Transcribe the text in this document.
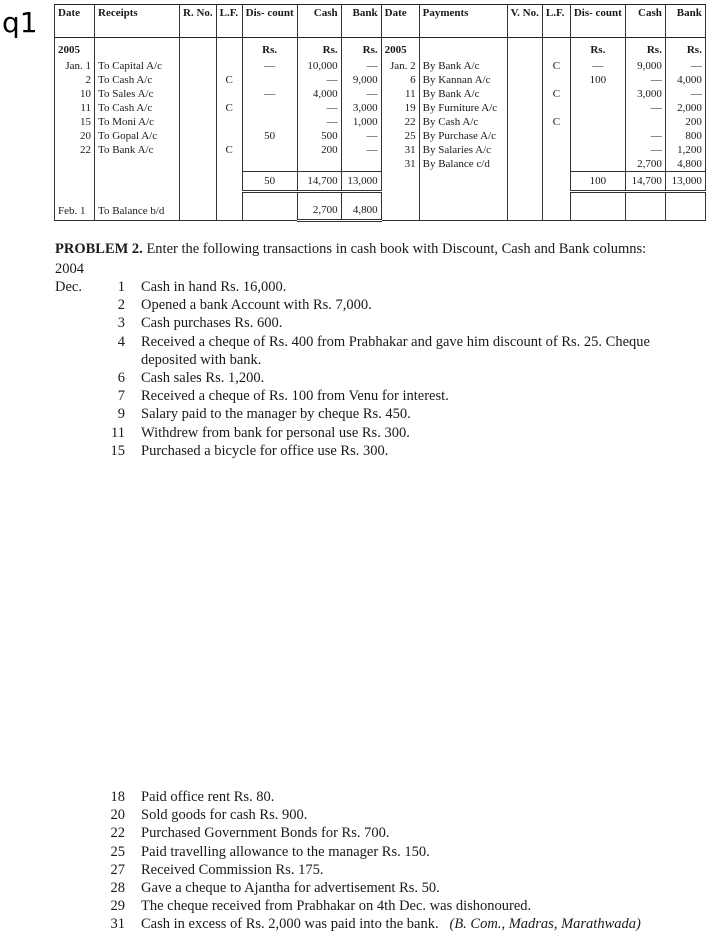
q1 Date	Receipts	R. No.	L.F.	Dis- count	Cash	Bank	Date	Payments	V. No.	L.F.	Dis- count	Cash	Bank
2005				Rs.	Rs.	Rs.	2005				Rs.	Rs.	Rs.
Jan. 1	To Capital A/c			—	10,000	—	Jan. 2	By Bank A/c		C	—	9,000	—
2	To Cash A/c		C		—	9,000	6	By Kannan A/c			100	—	4,000
10	To Sales A/c			—	4,000	—	11	By Bank A/c		C		3,000	—
11	To Cash A/c		C		—	3,000	19	By Furniture A/c				—	2,000
15	To Moni A/c				—	1,000	22	By Cash A/c		C			200
20	To Gopal A/c			50	500	—	25	By Purchase A/c				—	800
22	To Bank A/c		C		200	—	31	By Salaries A/c				—	1,200
							31	By Balance c/d				2,700	4,800
				50	14,700	13,000					100	14,700	13,000
Feb. 1	To Balance b/d				2,700	4,800							
PROBLEM 2. Enter the following transactions in cash book with Discount, Cash and Bank columns:
2004
Dec.	1	Cash in hand Rs. 16,000.
2	Opened a bank Account with Rs. 7,000.
3	Cash purchases Rs. 600.
4	Received a cheque of Rs. 400 from Prabhakar and gave him discount of Rs. 25. Cheque deposited with bank.
6	Cash sales Rs. 1,200.
7	Received a cheque of Rs. 100 from Venu for interest.
9	Salary paid to the manager by cheque Rs. 450.
11	Withdrew from bank for personal use Rs. 300.
15	Purchased a bicycle for office use Rs. 300.
18	Paid office rent Rs. 80.
20	Sold goods for cash Rs. 900.
22	Purchased Government Bonds for Rs. 700.
25	Paid travelling allowance to the manager Rs. 150.
27	Received Commission Rs. 175.
28	Gave a cheque to Ajantha for advertisement Rs. 50.
29	The cheque received from Prabhakar on 4th Dec. was dishonoured.
31	Cash in excess of Rs. 2,000 was paid into the bank. (B. Com., Madras, Marathwada)
